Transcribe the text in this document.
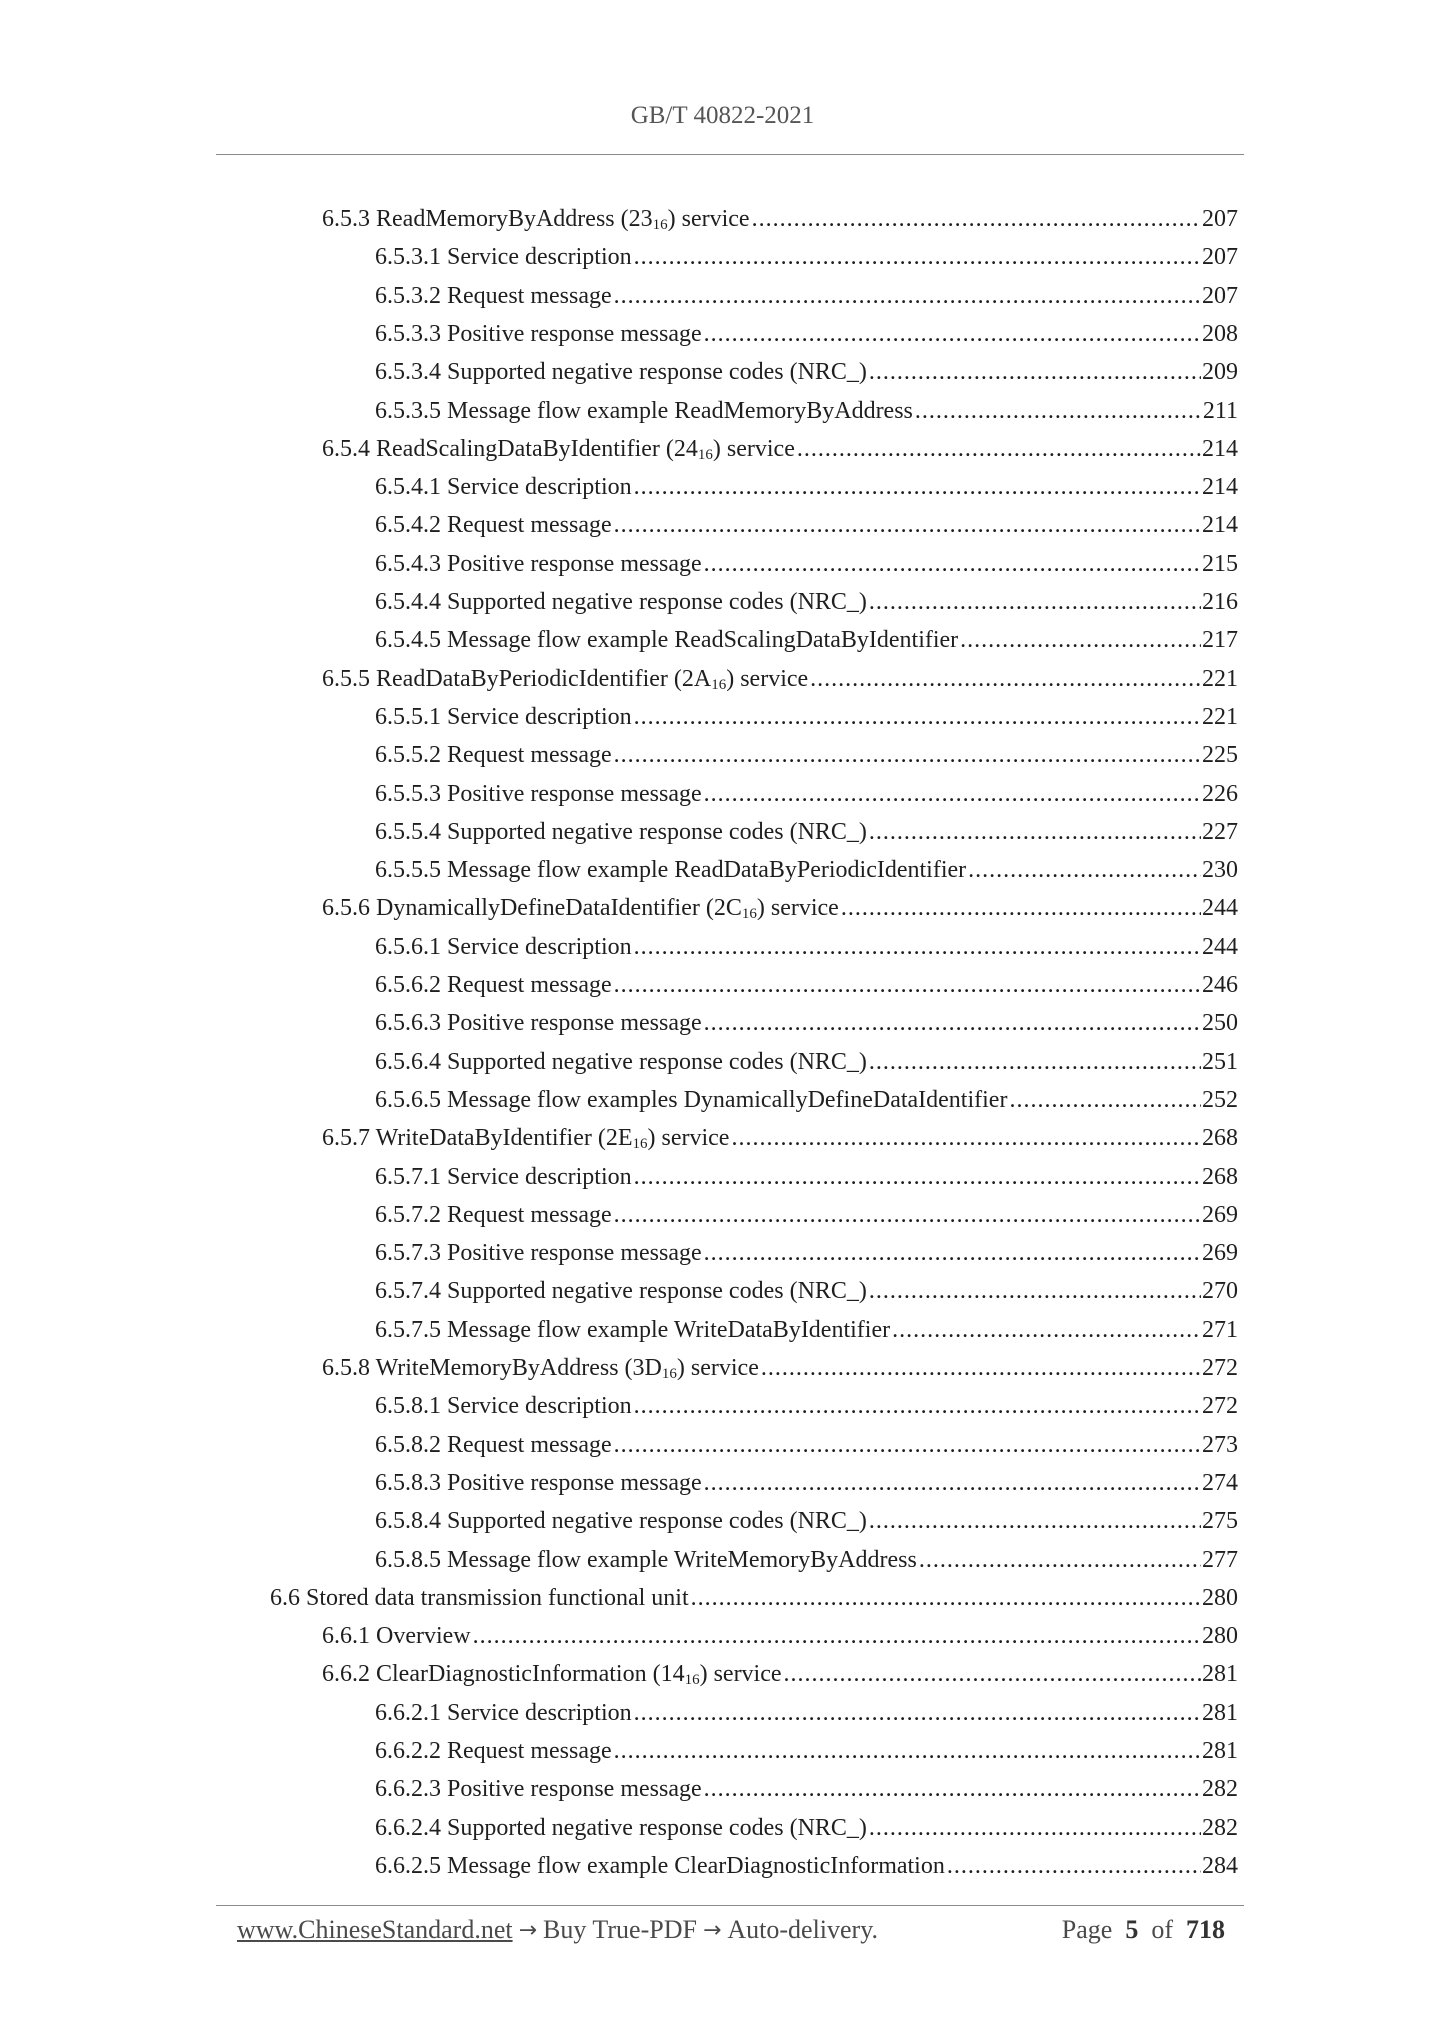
GB/T 40822-2021
6.5.3 ReadMemoryByAddress $(23_{16})$ service .....	207
6.5.3.1 Service description .....	207
6.5.3.2 Request message .....	207
6.5.3.3 Positive response message .....	208
6.5.3.4 Supported negative response codes (NRC_) .....	209
6.5.3.5 Message flow example ReadMemoryByAddress .....	211
6.5.4 ReadScalingDataByIdentifier $(24_{16})$ service .....	214
6.5.4.1 Service description .....	214
6.5.4.2 Request message .....	214
6.5.4.3 Positive response message .....	215
6.5.4.4 Supported negative response codes (NRC_) .....	216
6.5.4.5 Message flow example ReadScalingDataByIdentifier .....	217
6.5.5 ReadDataByPeriodicIdentifier $(2A_{16})$ service .....	221
6.5.5.1 Service description .....	221
6.5.5.2 Request message .....	225
6.5.5.3 Positive response message .....	226
6.5.5.4 Supported negative response codes (NRC_) .....	227
6.5.5.5 Message flow example ReadDataByPeriodicIdentifier .....	230
6.5.6 DynamicallyDefineDataIdentifier $(2C_{16})$ service .....	244
6.5.6.1 Service description .....	244
6.5.6.2 Request message .....	246
6.5.6.3 Positive response message .....	250
6.5.6.4 Supported negative response codes (NRC_) .....	251
6.5.6.5 Message flow examples DynamicallyDefineDataIdentifier .....	252
6.5.7 WriteDataByIdentifier $(2E_{16})$ service .....	268
6.5.7.1 Service description .....	268
6.5.7.2 Request message .....	269
6.5.7.3 Positive response message .....	269
6.5.7.4 Supported negative response codes (NRC_) .....	270
6.5.7.5 Message flow example WriteDataByIdentifier .....	271
6.5.8 WriteMemoryByAddress $(3D_{16})$ service .....	272
6.5.8.1 Service description .....	272
6.5.8.2 Request message .....	273
6.5.8.3 Positive response message .....	274
6.5.8.4 Supported negative response codes (NRC_) .....	275
6.5.8.5 Message flow example WriteMemoryByAddress .....	277
6.6 Stored data transmission functional unit .....	280
6.6.1 Overview .....	280
6.6.2 ClearDiagnosticInformation $(14_{16})$ service .....	281
6.6.2.1 Service description .....	281
6.6.2.2 Request message .....	281
6.6.2.3 Positive response message .....	282
6.6.2.4 Supported negative response codes (NRC_) .....	282
6.6.2.5 Message flow example ClearDiagnosticInformation .....	284
www.ChineseStandard.net → Buy True-PDF → Auto-delivery.	Page 5 of 718
